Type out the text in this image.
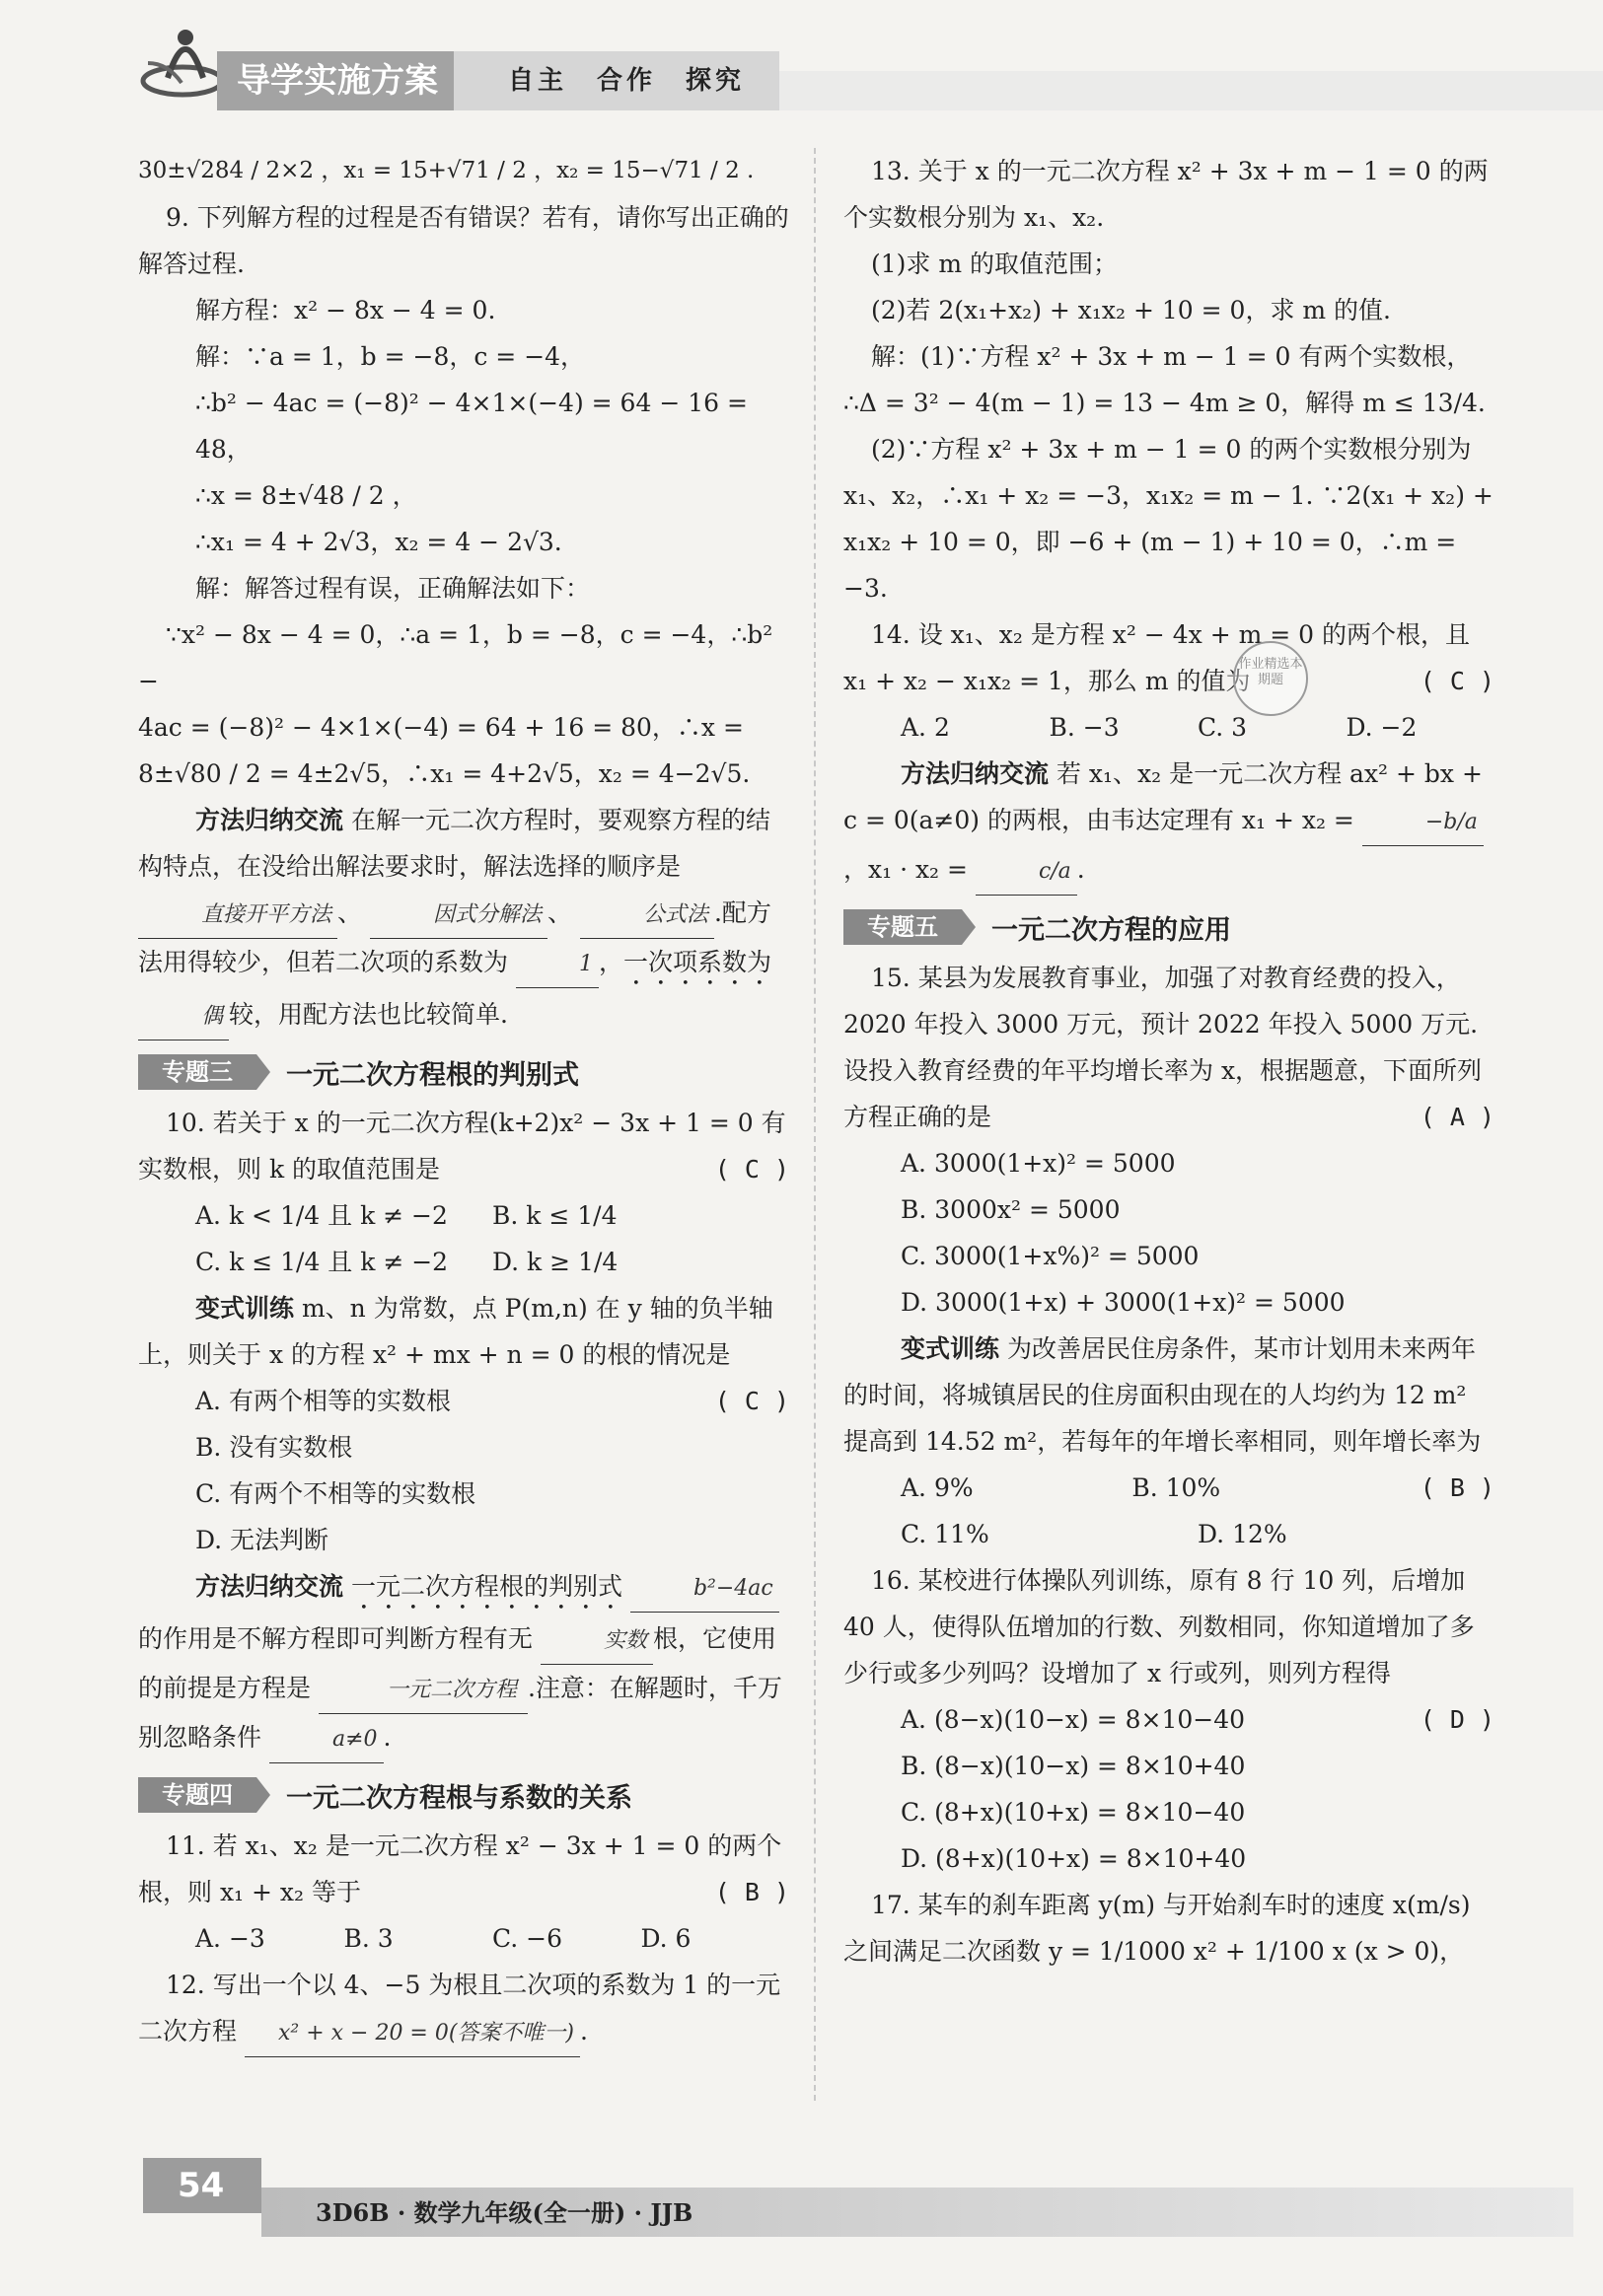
导学实施方案	自主　合作　探究

30±√284 / 2×2 ，x₁ = 15+√71 / 2 ，x₂ = 15−√71 / 2 .

9. 下列解方程的过程是否有错误？若有，请你写出正确的解答过程.

解方程：x² − 8x − 4 = 0.

解：∵a = 1，b = −8，c = −4，

∴b² − 4ac = (−8)² − 4×1×(−4) = 64 − 16 = 48，

∴x = 8±√48 / 2 ，

∴x₁ = 4 + 2√3，x₂ = 4 − 2√3.

解：解答过程有误，正确解法如下：

∵x² − 8x − 4 = 0，∴a = 1，b = −8，c = −4，∴b² −

4ac = (−8)² − 4×1×(−4) = 64 + 16 = 80，∴x =

8±√80 / 2 = 4±2√5，∴x₁ = 4+2√5，x₂ = 4−2√5.

方法归纳交流 在解一元二次方程时，要观察方程的结构特点，在没给出解法要求时，解法选择的顺序是 直接开平方法 、	因式分解法 、	公式法 .配方法用得较少，但若二次项的系数为	1 ，一次项系数为 偶 较，用配方法也比较简单.

专题三	一元二次方程根的判别式

10. 若关于 x 的一元二次方程(k+2)x² − 3x + 1 = 0 有实数根，则 k 的取值范围是　	( C )

A. k < 1/4 且 k ≠ −2	B. k ≤ 1/4
C. k ≤ 1/4 且 k ≠ −2	D. k ≥ 1/4

变式训练 m、n 为常数，点 P(m,n) 在 y 轴的负半轴上，则关于 x 的方程 x² + mx + n = 0 的根的情况是
( C )

A. 有两个相等的实数根

B. 没有实数根

C. 有两个不相等的实数根

D. 无法判断

方法归纳交流 一元二次方程根的判别式	b²−4ac的作用是不解方程即可判断方程有无	实数 根，它使用的前提是方程是	一元二次方程 .注意：在解题时，千万别忽略条件	a≠0 .

专题四	一元二次方程根与系数的关系

11. 若 x₁、x₂ 是一元二次方程 x² − 3x + 1 = 0 的两个根，则 x₁ + x₂ 等于　	( B )

A. −3	B. 3	C. −6	D. 6

12. 写出一个以 4、−5 为根且二次项的系数为 1 的一元二次方程 x² + x − 20 = 0(答案不唯一) .

13. 关于 x 的一元二次方程 x² + 3x + m − 1 = 0 的两个实数根分别为 x₁、x₂.

(1)求 m 的取值范围；

(2)若 2(x₁+x₂) + x₁x₂ + 10 = 0，求 m 的值.

解：(1)∵方程 x² + 3x + m − 1 = 0 有两个实数根，

∴Δ = 3² − 4(m − 1) = 13 − 4m ≥ 0，解得 m ≤ 13/4.

(2)∵方程 x² + 3x + m − 1 = 0 的两个实数根分别为 x₁、x₂，∴x₁ + x₂ = −3，x₁x₂ = m − 1. ∵2(x₁ + x₂) + x₁x₂ + 10 = 0，即 −6 + (m − 1) + 10 = 0，∴m = −3.

14. 设 x₁、x₂ 是方程 x² − 4x + m = 0 的两个根，且 x₁ + x₂ − x₁x₂ = 1，那么 m 的值为　	( C )

A. 2	B. −3	C. 3	D. −2

方法归纳交流 若 x₁、x₂ 是一元二次方程 ax² + bx + c = 0(a≠0) 的两根，由韦达定理有 x₁ + x₂ =	−b/a，x₁ · x₂ =	c/a .

专题五	一元二次方程的应用

15. 某县为发展教育事业，加强了对教育经费的投入，2020 年投入 3000 万元，预计 2022 年投入 5000 万元. 设投入教育经费的年平均增长率为 x，根据题意，下面所列方程正确的是　	( A )

A. 3000(1+x)² = 5000

B. 3000x² = 5000

C. 3000(1+x%)² = 5000

D. 3000(1+x) + 3000(1+x)² = 5000

变式训练 为改善居民住房条件，某市计划用未来两年的时间，将城镇居民的住房面积由现在的人均约为 12 m² 提高到 14.52 m²，若每年的年增长率相同，则年增长率为
( B )

A. 9%	B. 10%
C. 11%	D. 12%

16. 某校进行体操队列训练，原有 8 行 10 列，后增加 40 人，使得队伍增加的行数、列数相同，你知道增加了多少行或多少列吗？设增加了 x 行或列，则列方程得　
( D )

A. (8−x)(10−x) = 8×10−40

B. (8−x)(10−x) = 8×10+40

C. (8+x)(10+x) = 8×10−40

D. (8+x)(10+x) = 8×10+40

17. 某车的刹车距离 y(m) 与开始刹车时的速度 x(m/s) 之间满足二次函数 y = 1/1000 x² + 1/100 x (x > 0)，

作业精选本期题
54
3D6B · 数学九年级(全一册) · JJB
